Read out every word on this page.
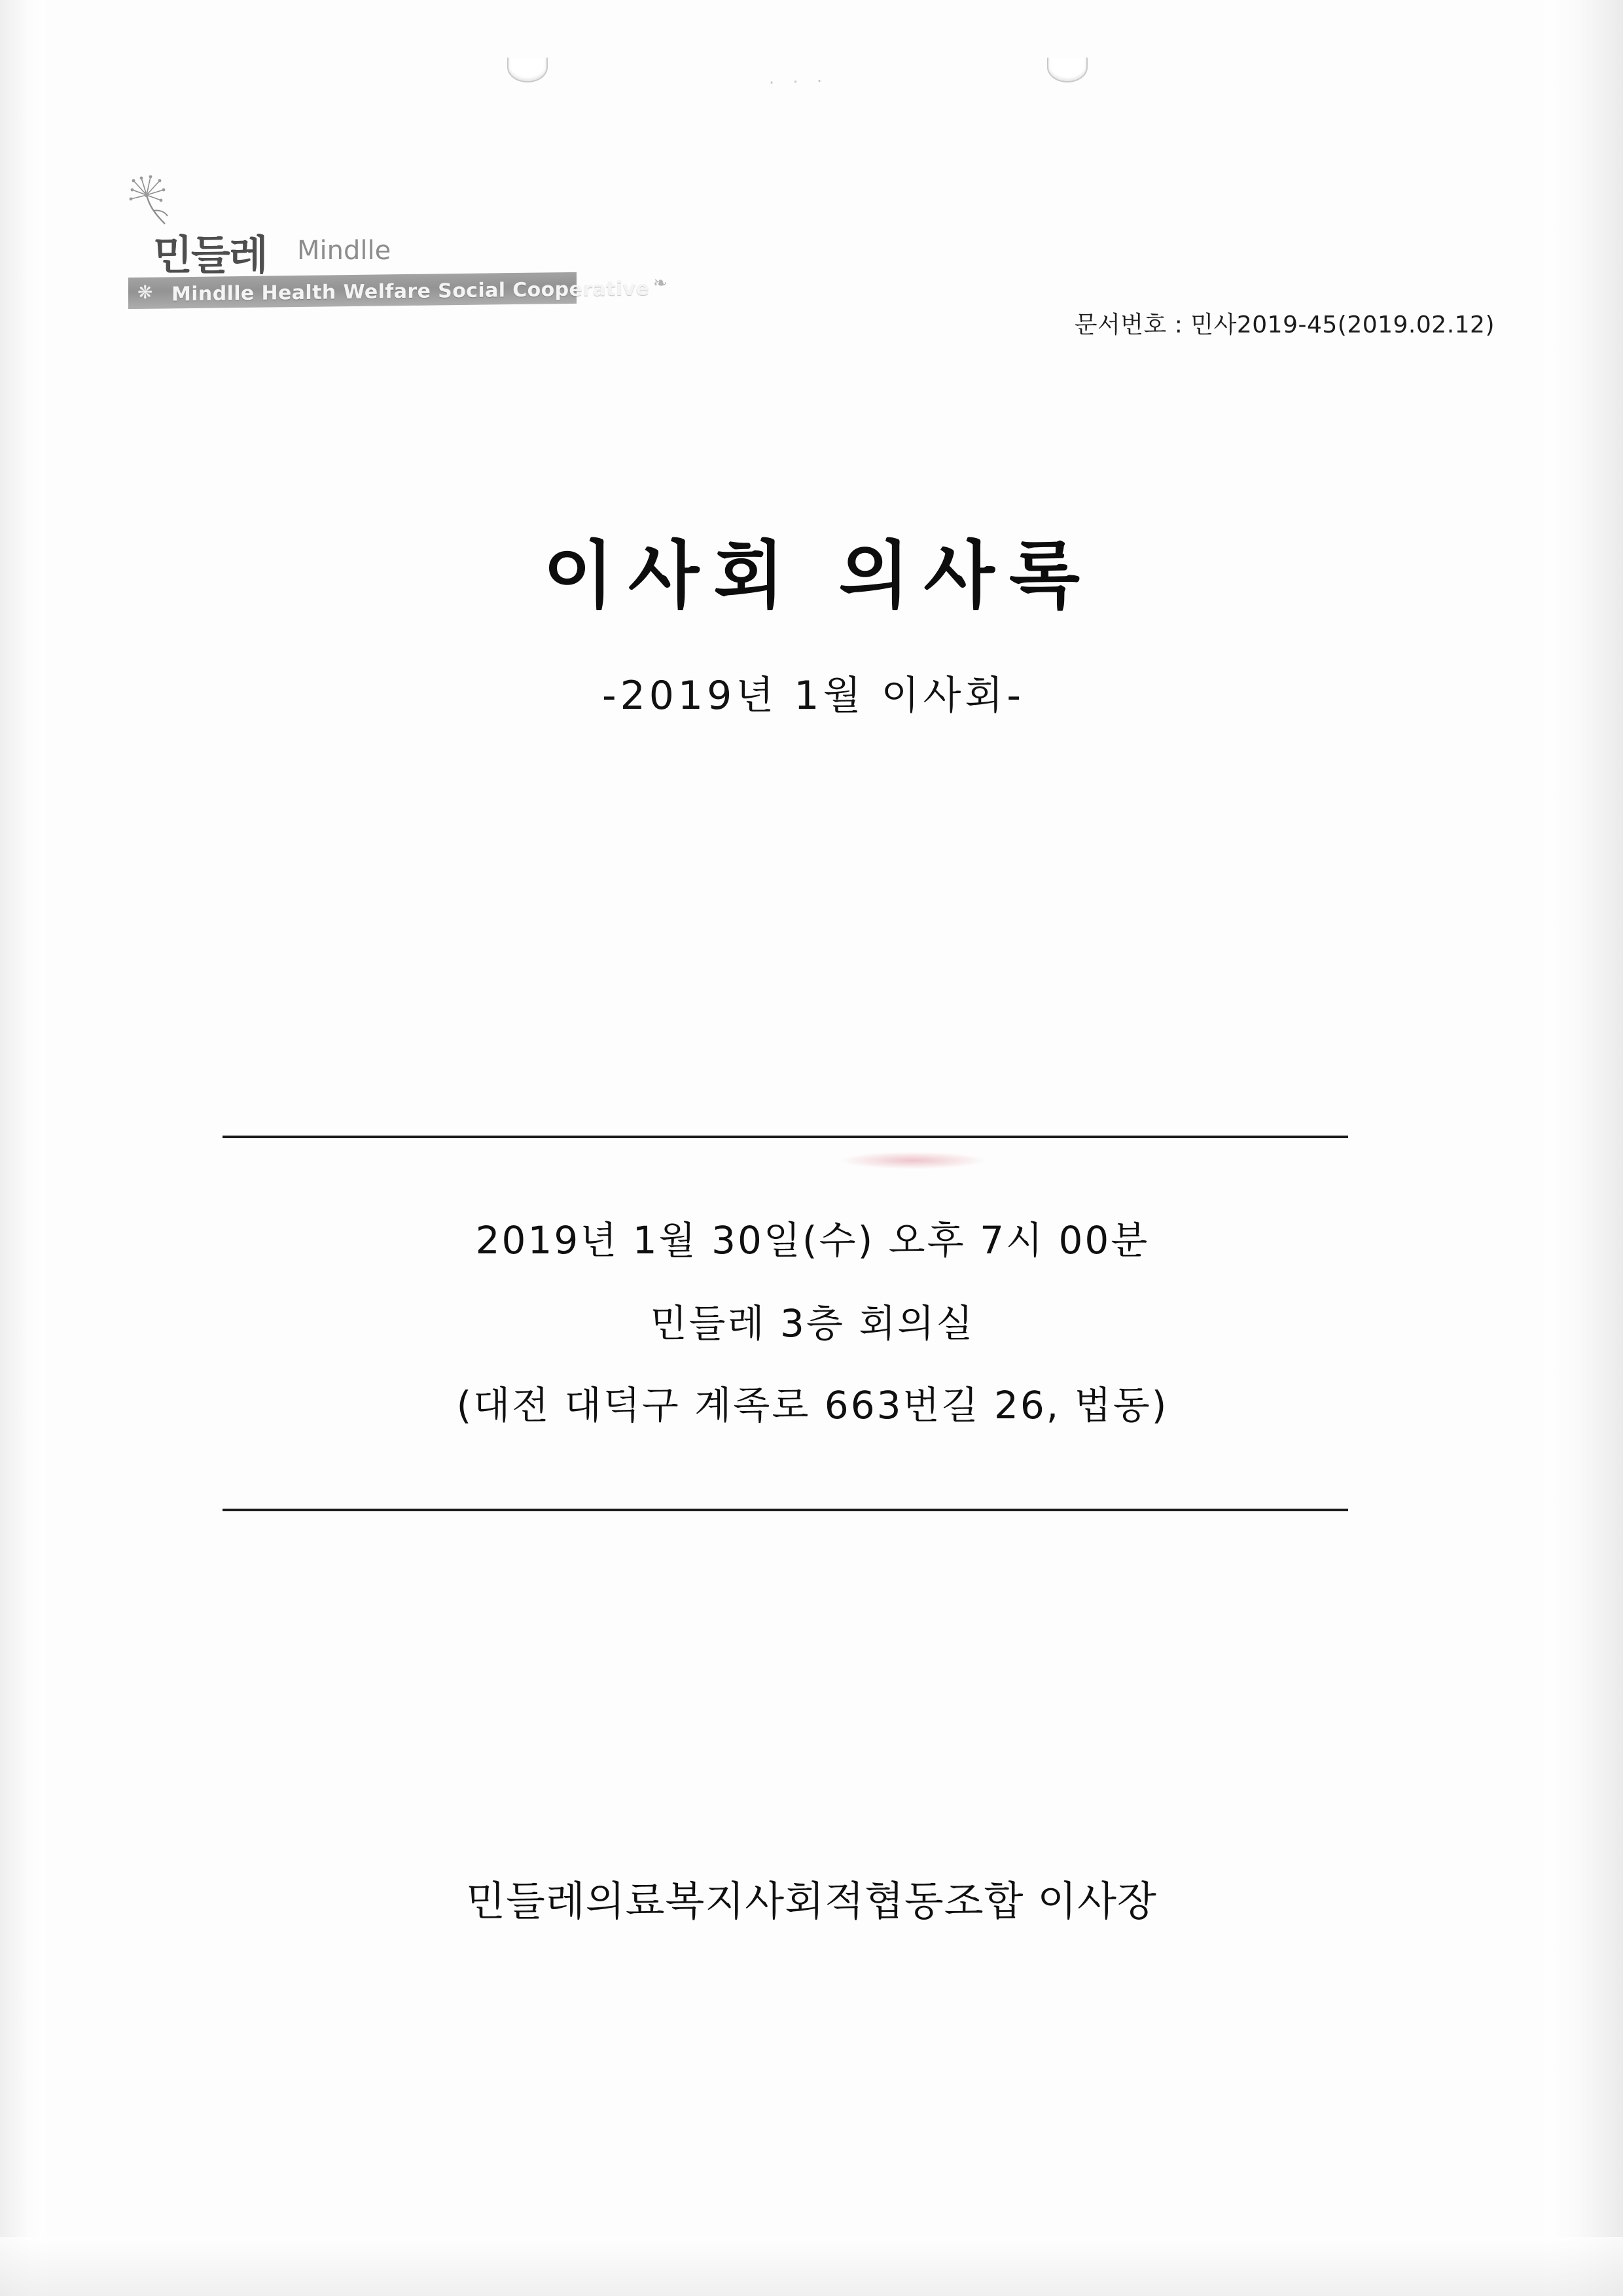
· · ·
민들레 Mindlle
❋ Mindlle Health Welfare Social Cooperative ❧
문서번호 : 민사2019-45(2019.02.12)
이사회 의사록
-2019년 1월 이사회-
2019년 1월 30일(수) 오후 7시 00분
민들레 3층 회의실
(대전 대덕구 계족로 663번길 26, 법동)
민들레의료복지사회적협동조합 이사장
